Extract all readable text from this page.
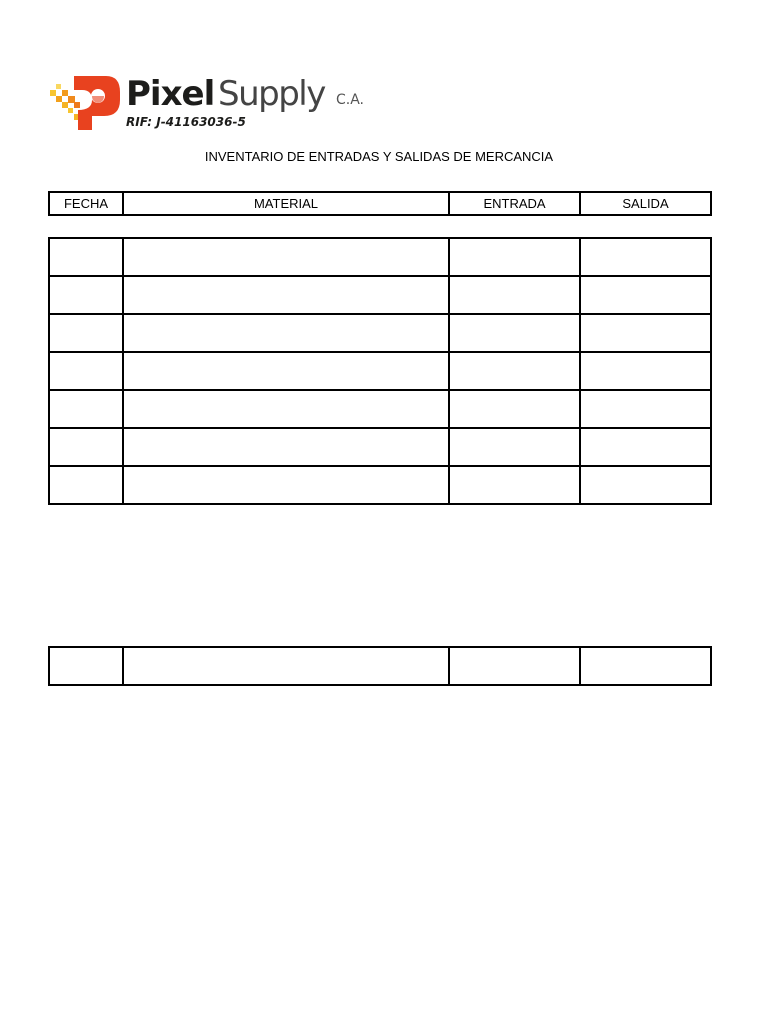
Pixel Supply C.A.
RIF: J-41163036-5
INVENTARIO DE ENTRADAS Y SALIDAS DE MERCANCIA
FECHA	MATERIAL	ENTRADA	SALIDA
